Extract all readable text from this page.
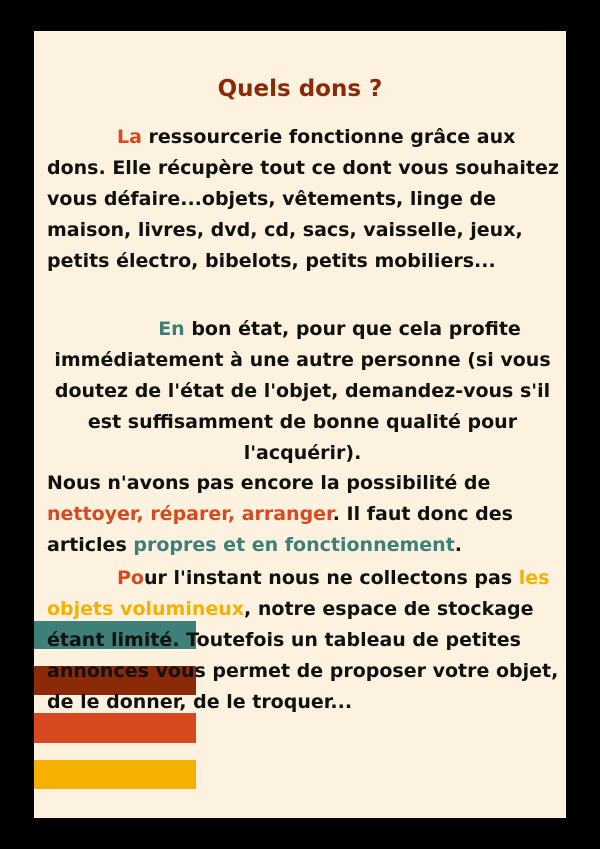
Quels dons ?
La ressourcerie fonctionne grâce aux dons. Elle récupère tout ce dont vous souhaitez vous défaire...objets, vêtements, linge de maison, livres, dvd, cd, sacs, vaisselle, jeux, petits électro, bibelots, petits mobiliers...
En bon état, pour que cela profite immédiatement à une autre personne (si vous doutez de l'état de l'objet, demandez-vous s'il est suffisamment de bonne qualité pour l'acquérir).
Nous n'avons pas encore la possibilité de nettoyer, réparer, arranger. Il faut donc des articles propres et en fonctionnement.
Pour l'instant nous ne collectons pas les objets volumineux, notre espace de stockage étant limité. Toutefois un tableau de petites annonces vous permet de proposer votre objet, de le donner, de le troquer...
